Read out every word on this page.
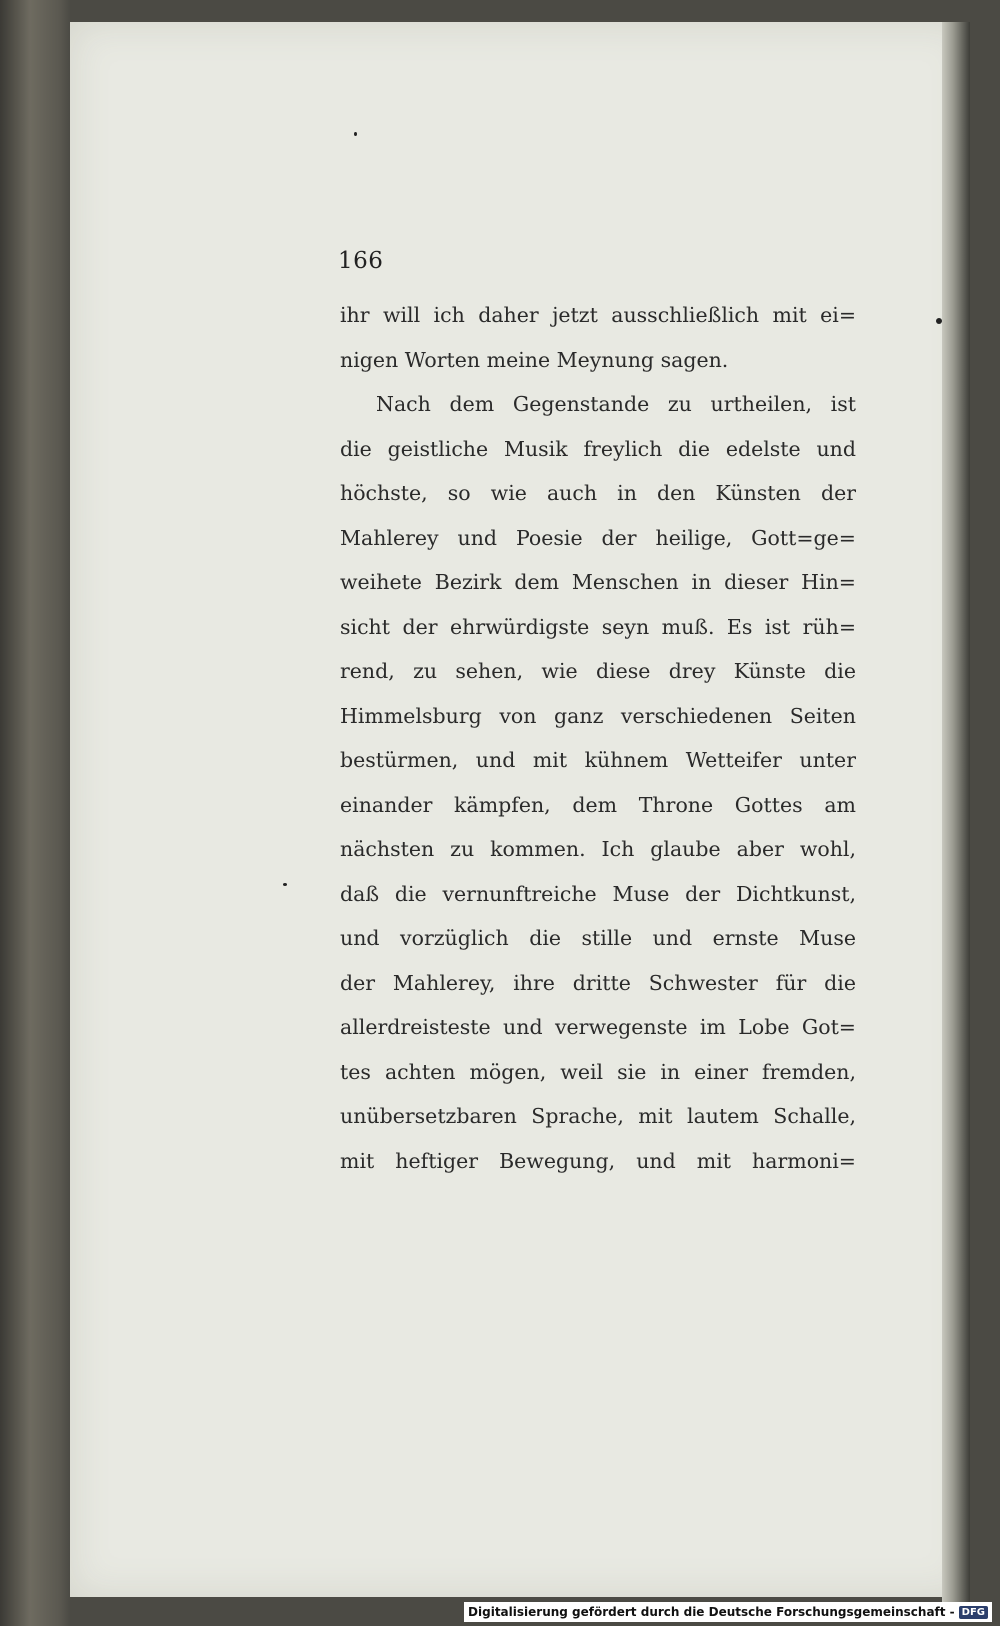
166
ihr will ich daher jetzt ausschließlich mit ei=
nigen Worten meine Meynung sagen.
Nach dem Gegenstande zu urtheilen, ist
die geistliche Musik freylich die edelste und
höchste, so wie auch in den Künsten der
Mahlerey und Poesie der heilige, Gott=ge=
weihete Bezirk dem Menschen in dieser Hin=
sicht der ehrwürdigste seyn muß. Es ist rüh=
rend, zu sehen, wie diese drey Künste die
Himmelsburg von ganz verschiedenen Seiten
bestürmen, und mit kühnem Wetteifer unter
einander kämpfen, dem Throne Gottes am
nächsten zu kommen. Ich glaube aber wohl,
daß die vernunftreiche Muse der Dichtkunst,
und vorzüglich die stille und ernste Muse
der Mahlerey, ihre dritte Schwester für die
allerdreisteste und verwegenste im Lobe Got=
tes achten mögen, weil sie in einer fremden,
unübersetzbaren Sprache, mit lautem Schalle,
mit heftiger Bewegung, und mit harmoni=
Digitalisierung gefördert durch die Deutsche Forschungsgemeinschaft - DFG
